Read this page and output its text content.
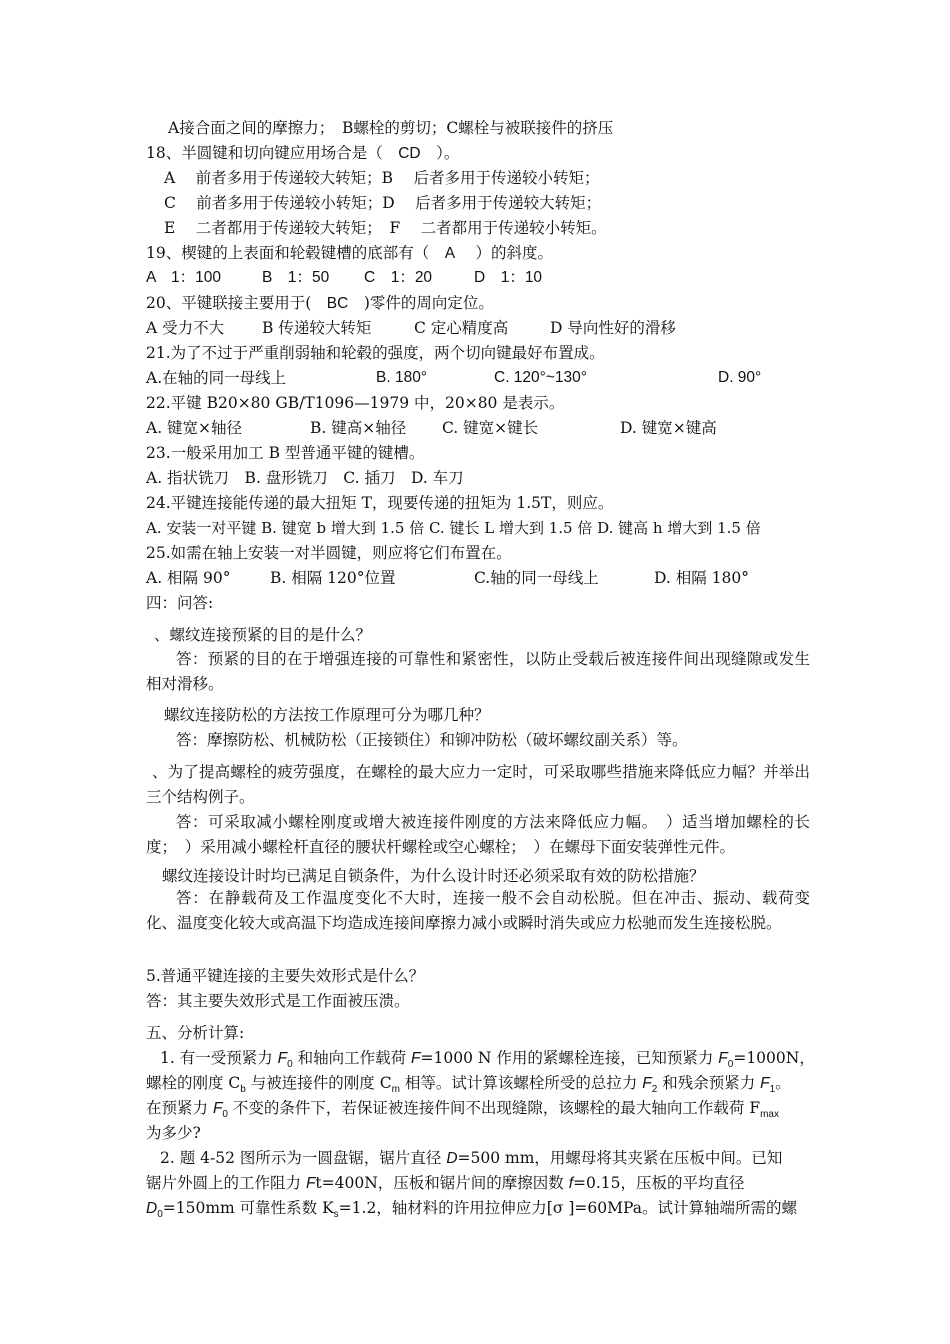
A接合面之间的摩擦力；　B螺栓的剪切；C螺栓与被联接件的挤压
18、半圆键和切向键应用场合是（　CD　）。
A　 前者多用于传递较大转矩；B　 后者多用于传递较小转矩；
C　 前者多用于传递较小转矩；D　 后者多用于传递较大转矩；
E　 二者都用于传递较大转矩；　F　 二者都用于传递较小转矩。
19、楔键的上表面和轮毂键槽的底部有（　A　 ）的斜度。
A　1：100	B　1：50 C　1：20	D　1：10
20、平键联接主要用于(　BC　)零件的周向定位。
A 受力不大 B 传递较大转矩	C 定心精度高	D 导向性好的滑移
21.为了不过于严重削弱轴和轮毂的强度，两个切向键最好布置成。
A.在轴的同一母线上	B. 180°	C. 120°~130°	D. 90°
22.平键 B20×80 GB/T1096—1979 中，20×80 是表示。
A. 键宽×轴径	B. 键高×轴径 C. 键宽×键长	D. 键宽×键高
23.一般采用加工 B 型普通平键的键槽。
A. 指状铣刀　B. 盘形铣刀　C. 插刀　D. 车刀
24.平键连接能传递的最大扭矩 T，现要传递的扭矩为 1.5T，则应。
A. 安装一对平键 B. 键宽 b 增大到 1.5 倍 C. 键长 L 增大到 1.5 倍 D. 键高 h 增大到 1.5 倍
25.如需在轴上安装一对半圆键，则应将它们布置在。
A. 相隔 90°	B. 相隔 120°位置	C.轴的同一母线上	D. 相隔 180°
四：问答:
、螺纹连接预紧的目的是什么？
答：预紧的目的在于增强连接的可靠性和紧密性，以防止受载后被连接件间出现缝隙或发生相对滑移。
螺纹连接防松的方法按工作原理可分为哪几种？
答：摩擦防松、机械防松（正接锁住）和铆冲防松（破坏螺纹副关系）等。
、为了提高螺栓的疲劳强度，在螺栓的最大应力一定时，可采取哪些措施来降低应力幅？并举出三个结构例子。
答：可采取减小螺栓刚度或增大被连接件刚度的方法来降低应力幅。　）适当增加螺栓的长度；　）采用减小螺栓杆直径的腰状杆螺栓或空心螺栓；　）在螺母下面安装弹性元件。
螺纹连接设计时均已满足自锁条件，为什么设计时还必须采取有效的防松措施？
答：在静载荷及工作温度变化不大时，连接一般不会自动松脱。但在冲击、振动、载荷变化、温度变化较大或高温下均造成连接间摩擦力减小或瞬时消失或应力松驰而发生连接松脱。
5.普通平键连接的主要失效形式是什么？
答：其主要失效形式是工作面被压溃。
五、分析计算:
1. 有一受预紧力 $F_0$ 和轴向工作载荷 F=1000 N 作用的紧螺栓连接，已知预紧力 $F_0=1000N$，
螺栓的刚度 $C_b$ 与被连接件的刚度 $C_m$ 相等。试计算该螺栓所受的总拉力 $F_2$ 和残余预紧力 $F_1$。
在预紧力 $F_0$ 不变的条件下，若保证被连接件间不出现缝隙，该螺栓的最大轴向工作载荷 $F_{max}$
为多少?
2. 题 4-52 图所示为一圆盘锯，锯片直径 D=500 mm，用螺母将其夹紧在压板中间。已知
锯片外圆上的工作阻力 Ft=400N，压板和锯片间的摩擦因数 f=0.15，压板的平均直径
$D_0=150mm$ 可靠性系数 $K_s=1.2$，轴材料的许用拉伸应力[σ ]=60MPa。试计算轴端所需的螺
